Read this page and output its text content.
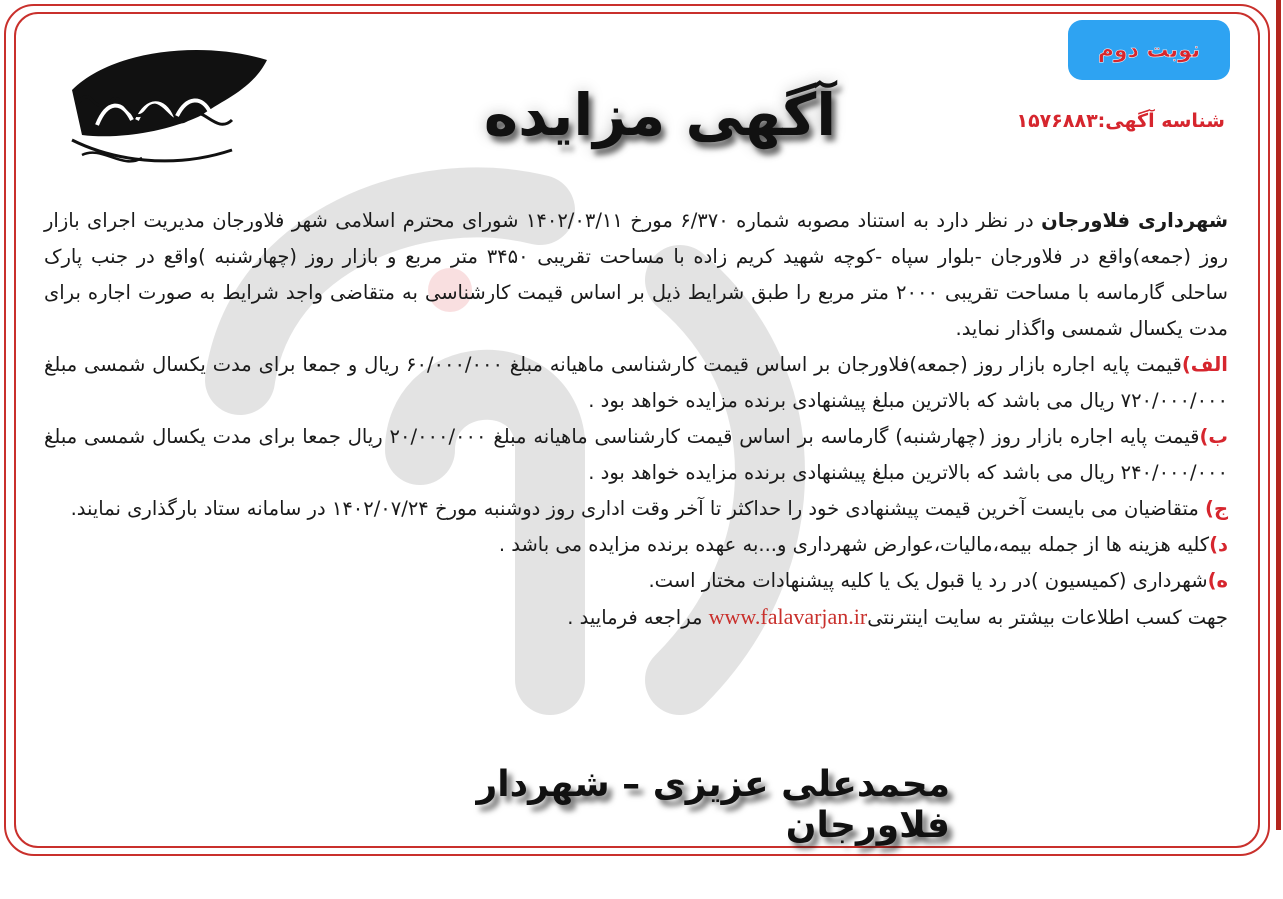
آگهی مزایده
نوبت دوم
شناسه آگهی:۱۵۷۶۸۸۳

شهرداری فلاورجان در نظر دارد به استناد مصوبه شماره ۶/۳۷۰ مورخ ۱۴۰۲/۰۳/۱۱ شورای محترم اسلامی شهر فلاورجان مدیریت اجرای بازار روز (جمعه)واقع در فلاورجان -بلوار سپاه -کوچه شهید کریم زاده با مساحت تقریبی ۳۴۵۰ متر مربع و بازار روز (چهارشنبه )واقع در جنب پارک ساحلی گارماسه با مساحت تقریبی ۲۰۰۰ متر مربع را طبق شرایط ذیل بر اساس قیمت کارشناسی به متقاضی واجد شرایط به صورت اجاره برای مدت یکسال شمسی واگذار نماید.

الف)قیمت پایه اجاره بازار روز (جمعه)فلاورجان بر اساس قیمت کارشناسی ماهیانه مبلغ ۶۰/۰۰۰/۰۰۰ ریال و جمعا برای مدت یکسال شمسی مبلغ ۷۲۰/۰۰۰/۰۰۰ ریال می باشد که بالاترین مبلغ پیشنهادی برنده مزایده خواهد بود .

ب)قیمت پایه اجاره بازار روز (چهارشنبه) گارماسه بر اساس قیمت کارشناسی ماهیانه مبلغ ۲۰/۰۰۰/۰۰۰ ریال جمعا برای مدت یکسال شمسی مبلغ ۲۴۰/۰۰۰/۰۰۰ ریال می باشد که بالاترین مبلغ پیشنهادی برنده مزایده خواهد بود .

ج) متقاضیان می بایست آخرین قیمت پیشنهادی خود را حداکثر تا آخر وقت اداری روز دوشنبه مورخ ۱۴۰۲/۰۷/۲۴ در سامانه ستاد بارگذاری نمایند.

د)کلیه هزینه ها از جمله بیمه،مالیات،عوارض شهرداری و...به عهده برنده مزایده می باشد .

ه)شهرداری (کمیسیون )در رد یا قبول یک یا کلیه پیشنهادات مختار است.

جهت کسب اطلاعات بیشتر به سایت اینترنتیwww.falavarjan.ir مراجعه فرمایید .

محمدعلی عزیزی – شهردار فلاورجان
